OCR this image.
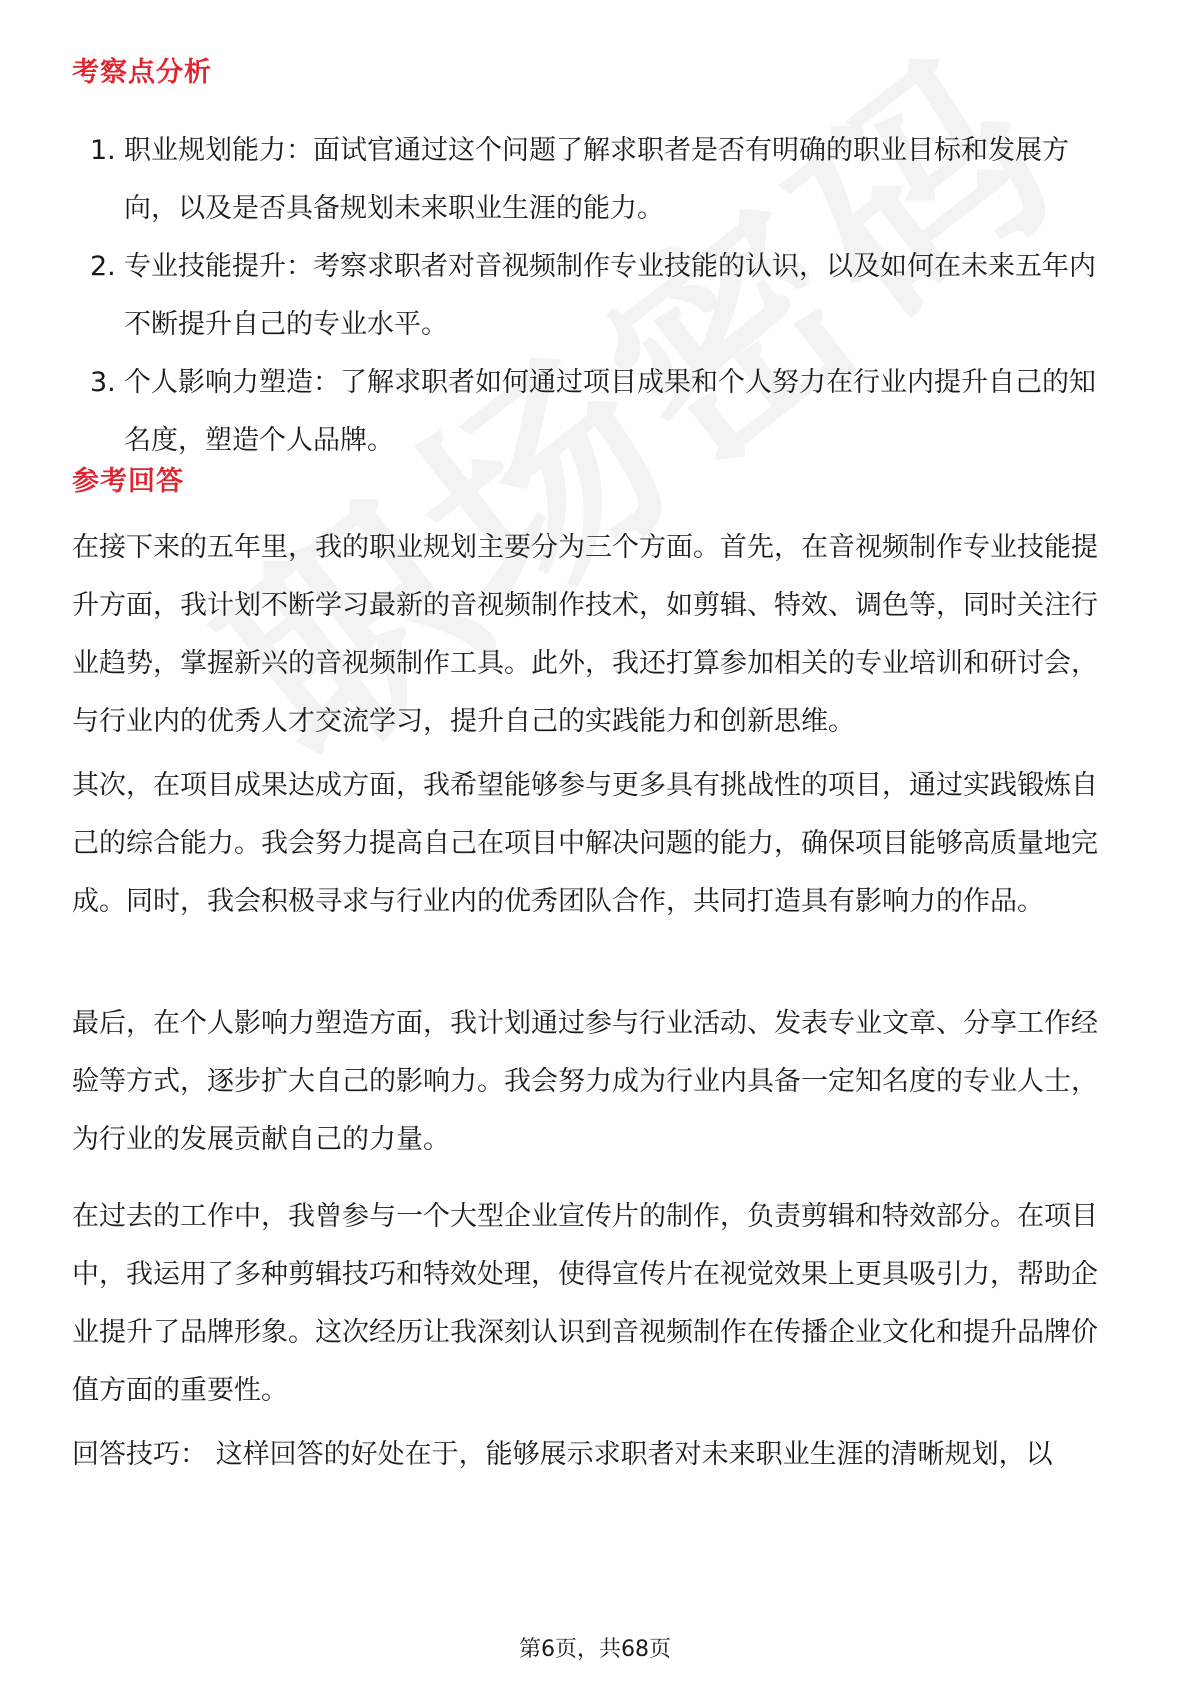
考察点分析
1. 职业规划能力：面试官通过这个问题了解求职者是否有明确的职业目标和发展方向，以及是否具备规划未来职业生涯的能力。
2. 专业技能提升：考察求职者对音视频制作专业技能的认识，以及如何在未来五年内不断提升自己的专业水平。
3. 个人影响力塑造：了解求职者如何通过项目成果和个人努力在行业内提升自己的知名度，塑造个人品牌。
参考回答

在接下来的五年里，我的职业规划主要分为三个方面。首先，在音视频制作专业技能提升方面，我计划不断学习最新的音视频制作技术，如剪辑、特效、调色等，同时关注行业趋势，掌握新兴的音视频制作工具。此外，我还打算参加相关的专业培训和研讨会，与行业内的优秀人才交流学习，提升自己的实践能力和创新思维。

其次，在项目成果达成方面，我希望能够参与更多具有挑战性的项目，通过实践锻炼自己的综合能力。我会努力提高自己在项目中解决问题的能力，确保项目能够高质量地完成。同时，我会积极寻求与行业内的优秀团队合作，共同打造具有影响力的作品。

最后，在个人影响力塑造方面，我计划通过参与行业活动、发表专业文章、分享工作经验等方式，逐步扩大自己的影响力。我会努力成为行业内具备一定知名度的专业人士，为行业的发展贡献自己的力量。

在过去的工作中，我曾参与一个大型企业宣传片的制作，负责剪辑和特效部分。在项目中，我运用了多种剪辑技巧和特效处理，使得宣传片在视觉效果上更具吸引力，帮助企业提升了品牌形象。这次经历让我深刻认识到音视频制作在传播企业文化和提升品牌价值方面的重要性。

回答技巧： 这样回答的好处在于，能够展示求职者对未来职业生涯的清晰规划，以

第6页，共68页
